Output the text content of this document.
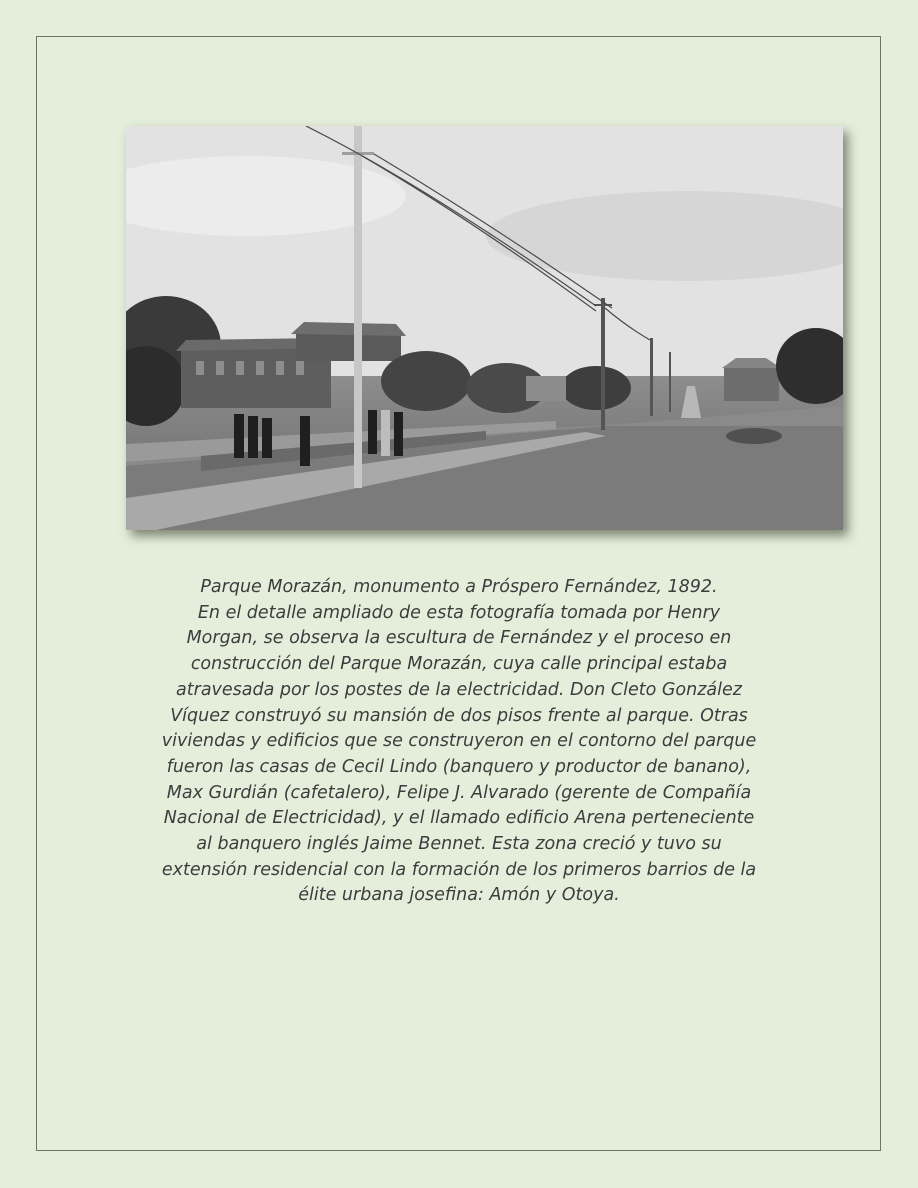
Parque Morazán, monumento a Próspero Fernández, 1892.
En el detalle ampliado de esta fotografía tomada por Henry
Morgan, se observa la escultura de Fernández y el proceso en
construcción del Parque Morazán, cuya calle principal estaba
atravesada por los postes de la electricidad. Don Cleto González
Víquez construyó su mansión de dos pisos frente al parque. Otras
viviendas y edificios que se construyeron en el contorno del parque
fueron las casas de Cecil Lindo (banquero y productor de banano),
Max Gurdián (cafetalero), Felipe J. Alvarado (gerente de Compañía
Nacional de Electricidad), y el llamado edificio Arena perteneciente
al banquero inglés Jaime Bennet. Esta zona creció y tuvo su
extensión residencial con la formación de los primeros barrios de la
élite urbana josefina: Amón y Otoya.
